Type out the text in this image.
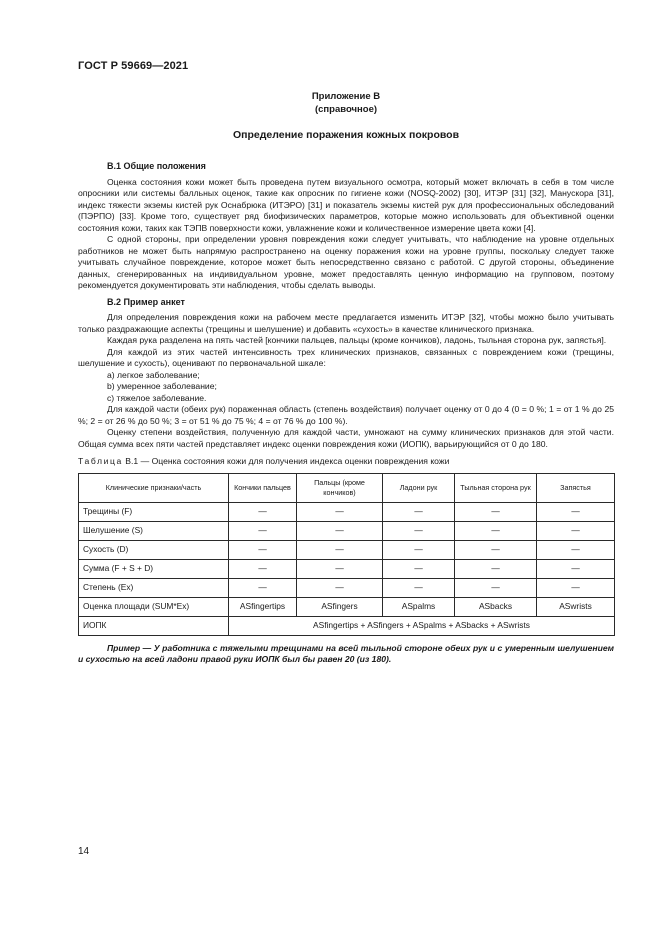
ГОСТ Р 59669—2021
Приложение В
(справочное)
Определение поражения кожных покровов
В.1 Общие положения

Оценка состояния кожи может быть проведена путем визуального осмотра, который может включать в себя в том числе опросники или системы балльных оценок, такие как опросник по гигиене кожи (NOSQ-2002) [30], ИТЭР [31] [32], Манускора [31], индекс тяжести экземы кистей рук Оснабрюка (ИТЭРО) [31] и показатель экземы кистей рук для профессиональных обследований (ПЭРПО) [33]. Кроме того, существует ряд биофизических параметров, которые можно использовать для объективной оценки состояния кожи, таких как ТЭПВ поверхности кожи, увлажнение кожи и количественное измерение цвета кожи [4].

С одной стороны, при определении уровня повреждения кожи следует учитывать, что наблюдение на уровне отдельных работников не может быть напрямую распространено на оценку поражения кожи на уровне группы, поскольку следует также учитывать случайное повреждение, которое может быть непосредственно связано с работой. С другой стороны, объединение данных, сгенерированных на индивидуальном уровне, может предоставлять ценную информацию на групповом, поэтому рекомендуется документировать эти наблюдения, чтобы сделать выводы.

В.2 Пример анкет

Для определения повреждения кожи на рабочем месте предлагается изменить ИТЭР [32], чтобы можно было учитывать только раздражающие аспекты (трещины и шелушение) и добавить «сухость» в качестве клинического признака.

Каждая рука разделена на пять частей [кончики пальцев, пальцы (кроме кончиков), ладонь, тыльная сторона рук, запястья].

Для каждой из этих частей интенсивность трех клинических признаков, связанных с повреждением кожи (трещины, шелушение и сухость), оценивают по первоначальной шкале:

а) легкое заболевание;

b) умеренное заболевание;

с) тяжелое заболевание.

Для каждой части (обеих рук) пораженная область (степень воздействия) получает оценку от 0 до 4 (0 = 0 %; 1 = от 1 % до 25 %; 2 = от 26 % до 50 %; 3 = от 51 % до 75 %; 4 = от 76 % до 100 %).

Оценку степени воздействия, полученную для каждой части, умножают на сумму клинических признаков для этой части. Общая сумма всех пяти частей представляет индекс оценки повреждения кожи (ИОПК), варьирующийся от 0 до 180.

Таблица В.1 — Оценка состояния кожи для получения индекса оценки повреждения кожи
Клинические признаки/часть	Кончики пальцев	Пальцы (кроме кончиков)	Ладони рук	Тыльная сторона рук	Запястья
Трещины (F)	—	—	—	—	—
Шелушение (S)	—	—	—	—	—
Сухость (D)	—	—	—	—	—
Сумма (F + S + D)	—	—	—	—	—
Степень (Ex)	—	—	—	—	—
Оценка площади (SUM*Ex)	ASfingertips	ASfingers	ASpalms	ASbacks	ASwrists
ИОПК	ASfingertips + ASfingers + ASpalms + ASbacks + ASwrists				

Пример — У работника с тяжелыми трещинами на всей тыльной стороне обеих рук и с умеренным шелушением и сухостью на всей ладони правой руки ИОПК был бы равен 20 (из 180).

14
